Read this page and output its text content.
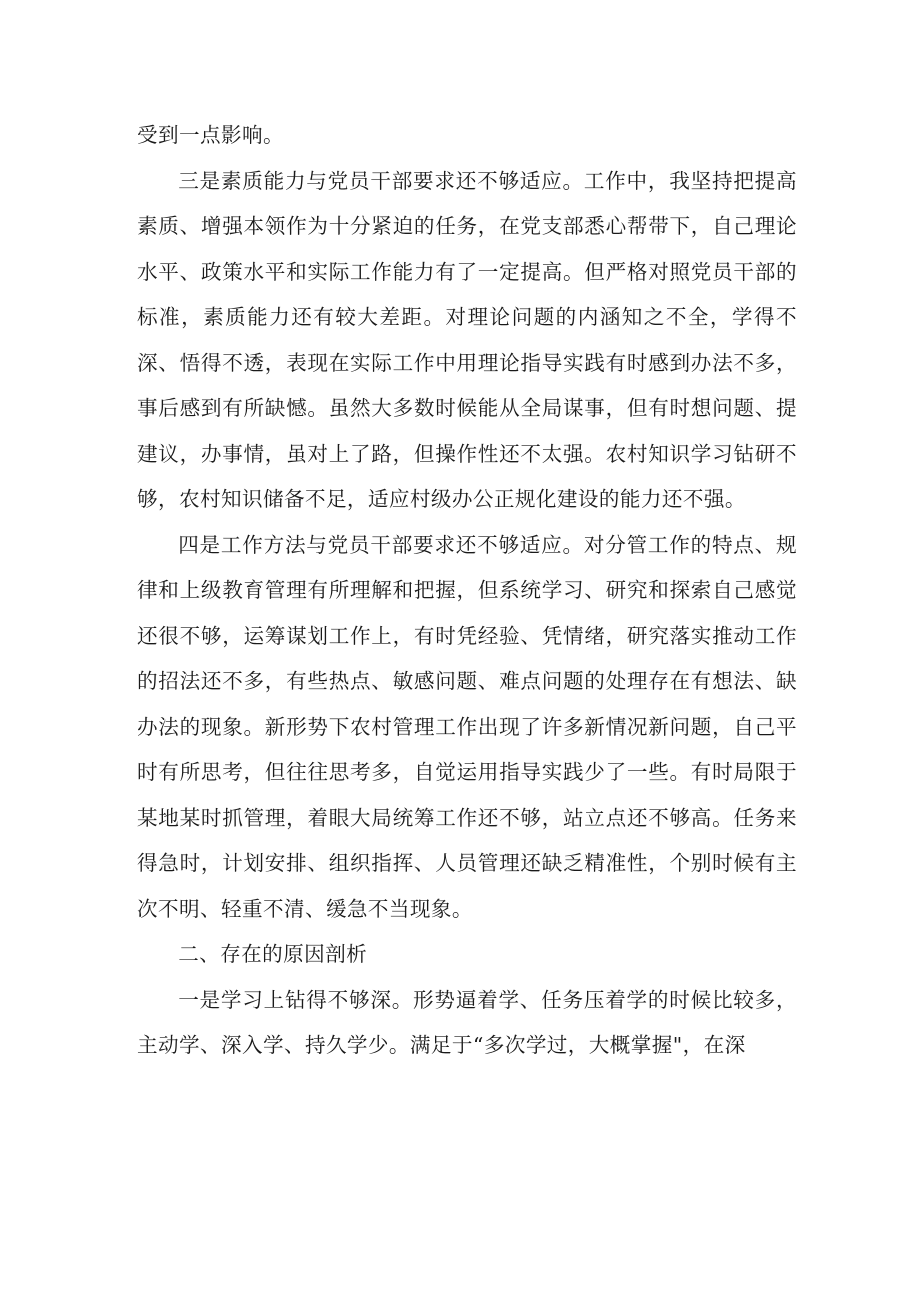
受到一点影响。

三是素质能力与党员干部要求还不够适应。工作中，我坚持把提高素质、增强本领作为十分紧迫的任务，在党支部悉心帮带下，自己理论水平、政策水平和实际工作能力有了一定提高。但严格对照党员干部的标准，素质能力还有较大差距。对理论问题的内涵知之不全，学得不深、悟得不透，表现在实际工作中用理论指导实践有时感到办法不多，事后感到有所缺憾。虽然大多数时候能从全局谋事，但有时想问题、提建议，办事情，虽对上了路，但操作性还不太强。农村知识学习钻研不够，农村知识储备不足，适应村级办公正规化建设的能力还不强。

四是工作方法与党员干部要求还不够适应。对分管工作的特点、规律和上级教育管理有所理解和把握，但系统学习、研究和探索自己感觉还很不够，运筹谋划工作上，有时凭经验、凭情绪，研究落实推动工作的招法还不多，有些热点、敏感问题、难点问题的处理存在有想法、缺办法的现象。新形势下农村管理工作出现了许多新情况新问题，自己平时有所思考，但往往思考多，自觉运用指导实践少了一些。有时局限于某地某时抓管理，着眼大局统筹工作还不够，站立点还不够高。任务来得急时，计划安排、组织指挥、人员管理还缺乏精准性，个别时候有主次不明、轻重不清、缓急不当现象。

二、存在的原因剖析

一是学习上钻得不够深。形势逼着学、任务压着学的时候比较多，主动学、深入学、持久学少。满足于“多次学过，大概掌握"，在深
